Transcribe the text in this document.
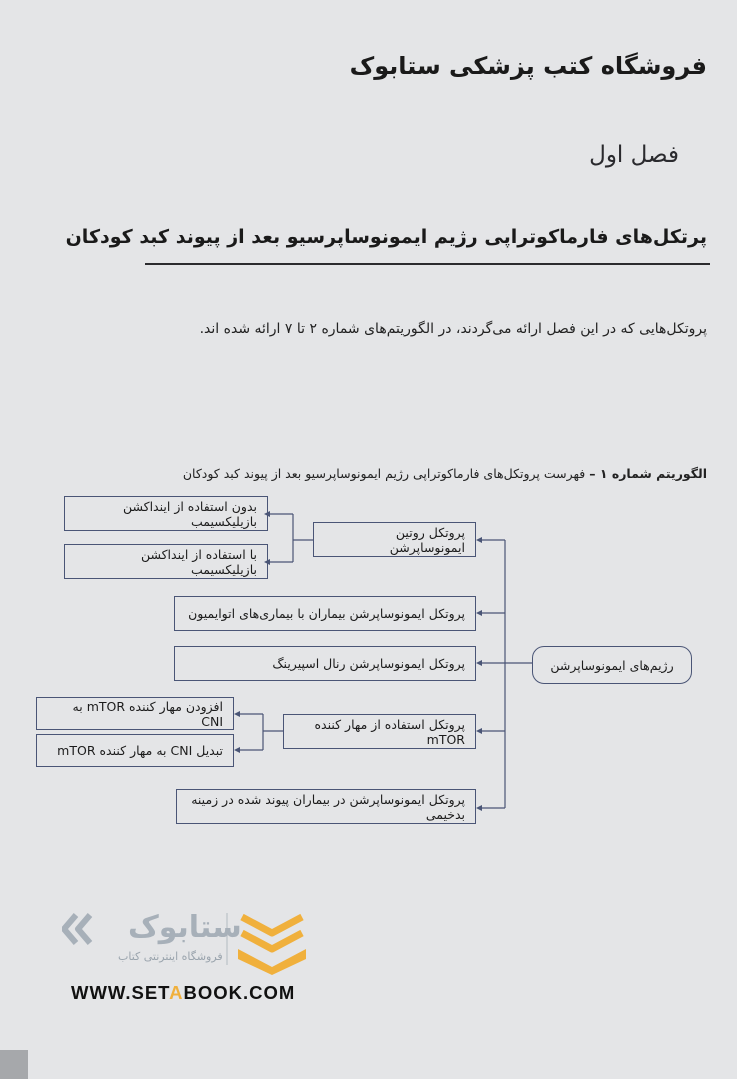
فروشگاه کتب پزشکی ستابوک
فصل اول
پرتکل‌های فارماکوتراپی رژیم ایمونوساپرسیو بعد از پیوند کبد کودکان
پروتکل‌هایی که در این فصل ارائه می‌گردند، در الگوریتم‌های شماره ۲ تا ۷ ارائه شده اند.
الگوریتم شماره ۱ – فهرست پروتکل‌های فارماکوتراپی رژیم ایمونوساپرسیو بعد از پیوند کبد کودکان
رژیم‌های ایمونوساپرشن
پروتکل روتین ایمونوساپرشن
بدون استفاده از اینداکشن بازیلیکسیمب
با استفاده از اینداکشن بازیلیکسیمب
پروتکل ایمونوساپرشن بیماران با بیماری‌های اتوایمیون
پروتکل ایمونوساپرشن رنال اسپیرینگ
پروتکل استفاده از مهار کننده mTOR
افزودن مهار کننده mTOR به CNI
تبدیل CNI به مهار کننده mTOR
پروتکل ایمونوساپرشن در بیماران پیوند شده در زمینه بدخیمی
ستابوک
فروشگاه اینترنتی کتاب
WWW.SETABOOK.COM
